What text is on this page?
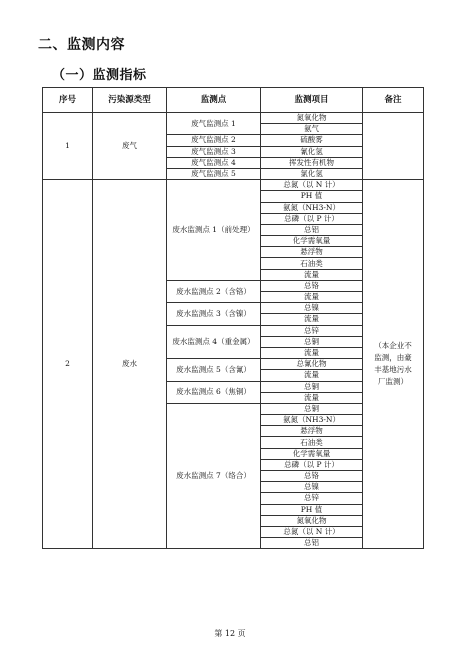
二、监测内容
（一）监测指标
序号	污染源类型	监测点	监测项目	备注
1	废气	废气监测点 1	氮氧化物	
			氨气	
		废气监测点 2	硫酸雾	
		废气监测点 3	氰化氢	
		废气监测点 4	挥发性有机物	
		废气监测点 5	氯化氢	
2	废水	废水监测点 1（前处理）	总氮（以 N 计）	（本企业不监测，由豪丰基地污水厂监测）
			PH 值	
			氨氮（NH3-N）	
			总磷（以 P 计）	
			总铝	
			化学需氧量	
			悬浮物	
			石油类	
			流量	
		废水监测点 2（含铬）	总铬	
			流量	
		废水监测点 3（含镍）	总镍	
			流量	
		废水监测点 4（重金属）	总锌	
			总铜	
			流量	
		废水监测点 5（含氰）	总氰化物	
			流量	
		废水监测点 6（焦铜）	总铜	
			流量	
		废水监测点 7（络合）	总铜	
			氨氮（NH3-N）	
			悬浮物	
			石油类	
			化学需氧量	
			总磷（以 P 计）	
			总铬	
			总镍	
			总锌	
			PH 值	
			氮氧化物	
			总氮（以 N 计）	
			总铝	
第 12 页
